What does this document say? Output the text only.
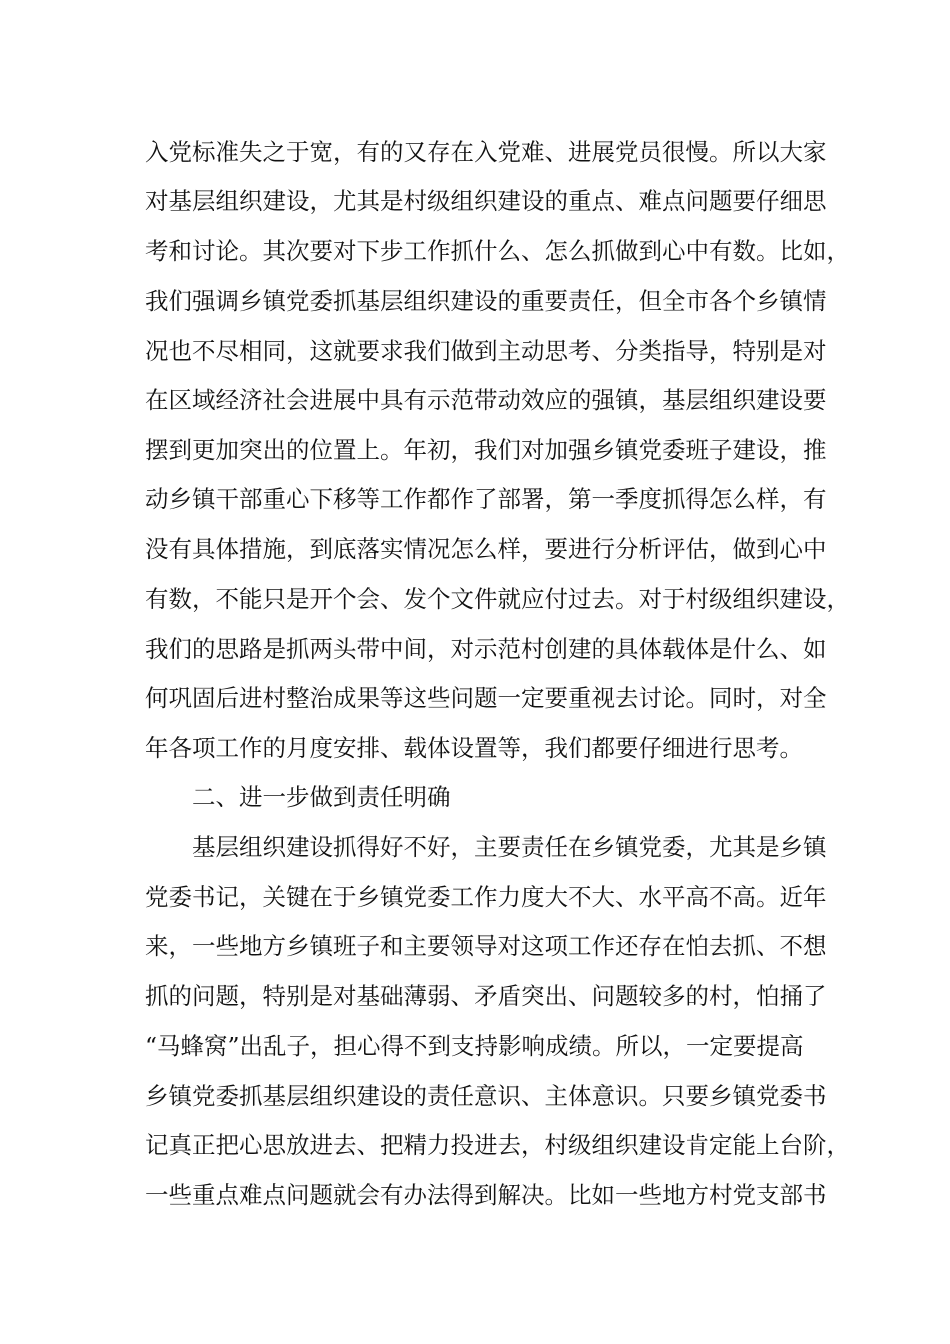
入党标准失之于宽，有的又存在入党难、进展党员很慢。所以大家
对基层组织建设，尤其是村级组织建设的重点、难点问题要仔细思
考和讨论。其次要对下步工作抓什么、怎么抓做到心中有数。比如，
我们强调乡镇党委抓基层组织建设的重要责任，但全市各个乡镇情
况也不尽相同，这就要求我们做到主动思考、分类指导，特别是对
在区域经济社会进展中具有示范带动效应的强镇，基层组织建设要
摆到更加突出的位置上。年初，我们对加强乡镇党委班子建设，推
动乡镇干部重心下移等工作都作了部署，第一季度抓得怎么样，有
没有具体措施，到底落实情况怎么样，要进行分析评估，做到心中
有数，不能只是开个会、发个文件就应付过去。对于村级组织建设，
我们的思路是抓两头带中间，对示范村创建的具体载体是什么、如
何巩固后进村整治成果等这些问题一定要重视去讨论。同时，对全
年各项工作的月度安排、载体设置等，我们都要仔细进行思考。
二、进一步做到责任明确
基层组织建设抓得好不好，主要责任在乡镇党委，尤其是乡镇
党委书记，关键在于乡镇党委工作力度大不大、水平高不高。近年
来，一些地方乡镇班子和主要领导对这项工作还存在怕去抓、不想
抓的问题，特别是对基础薄弱、矛盾突出、问题较多的村，怕捅了
“马蜂窝”出乱子，担心得不到支持影响成绩。所以，一定要提高
乡镇党委抓基层组织建设的责任意识、主体意识。只要乡镇党委书
记真正把心思放进去、把精力投进去，村级组织建设肯定能上台阶，
一些重点难点问题就会有办法得到解决。比如一些地方村党支部书
